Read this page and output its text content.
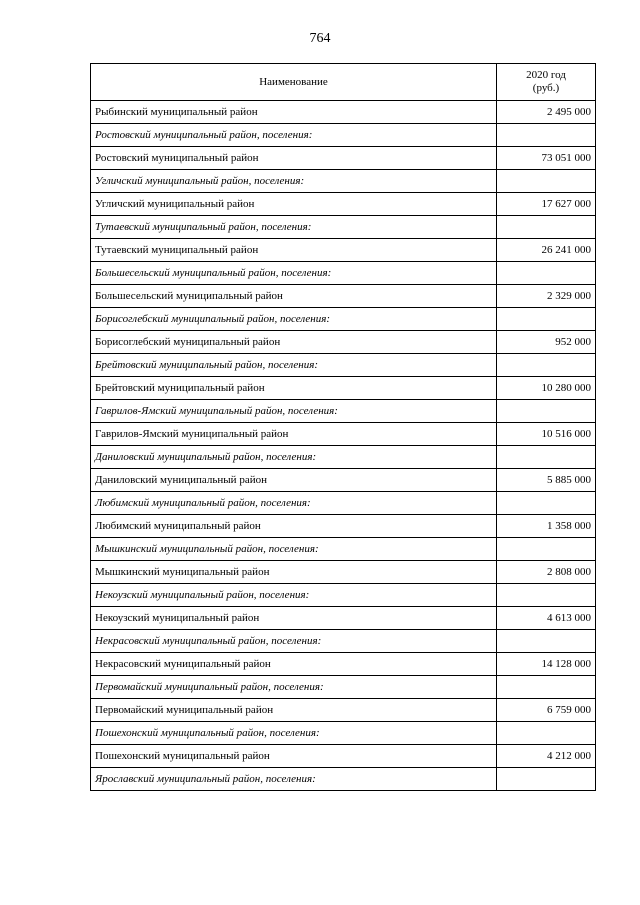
764
Наименование	2020 год
(руб.)
Рыбинский муниципальный район	2 495 000
Ростовский муниципальный район, поселения:	
Ростовский муниципальный район	73 051 000
Угличский муниципальный район, поселения:	
Угличский муниципальный район	17 627 000
Тутаевский муниципальный район, поселения:	
Тутаевский муниципальный район	26 241 000
Большесельский муниципальный район, поселения:	
Большесельский муниципальный район	2 329 000
Борисоглебский муниципальный район, поселения:	
Борисоглебский муниципальный район	952 000
Брейтовский муниципальный район, поселения:	
Брейтовский муниципальный район	10 280 000
Гаврилов-Ямский муниципальный район, поселения:	
Гаврилов-Ямский муниципальный район	10 516 000
Даниловский муниципальный район, поселения:	
Даниловский муниципальный район	5 885 000
Любимский муниципальный район, поселения:	
Любимский муниципальный район	1 358 000
Мышкинский муниципальный район, поселения:	
Мышкинский муниципальный район	2 808 000
Некоузский муниципальный район, поселения:	
Некоузский муниципальный район	4 613 000
Некрасовский муниципальный район, поселения:	
Некрасовский муниципальный район	14 128 000
Первомайский муниципальный район, поселения:	
Первомайский муниципальный район	6 759 000
Пошехонский муниципальный район, поселения:	
Пошехонский муниципальный район	4 212 000
Ярославский муниципальный район, поселения:	
